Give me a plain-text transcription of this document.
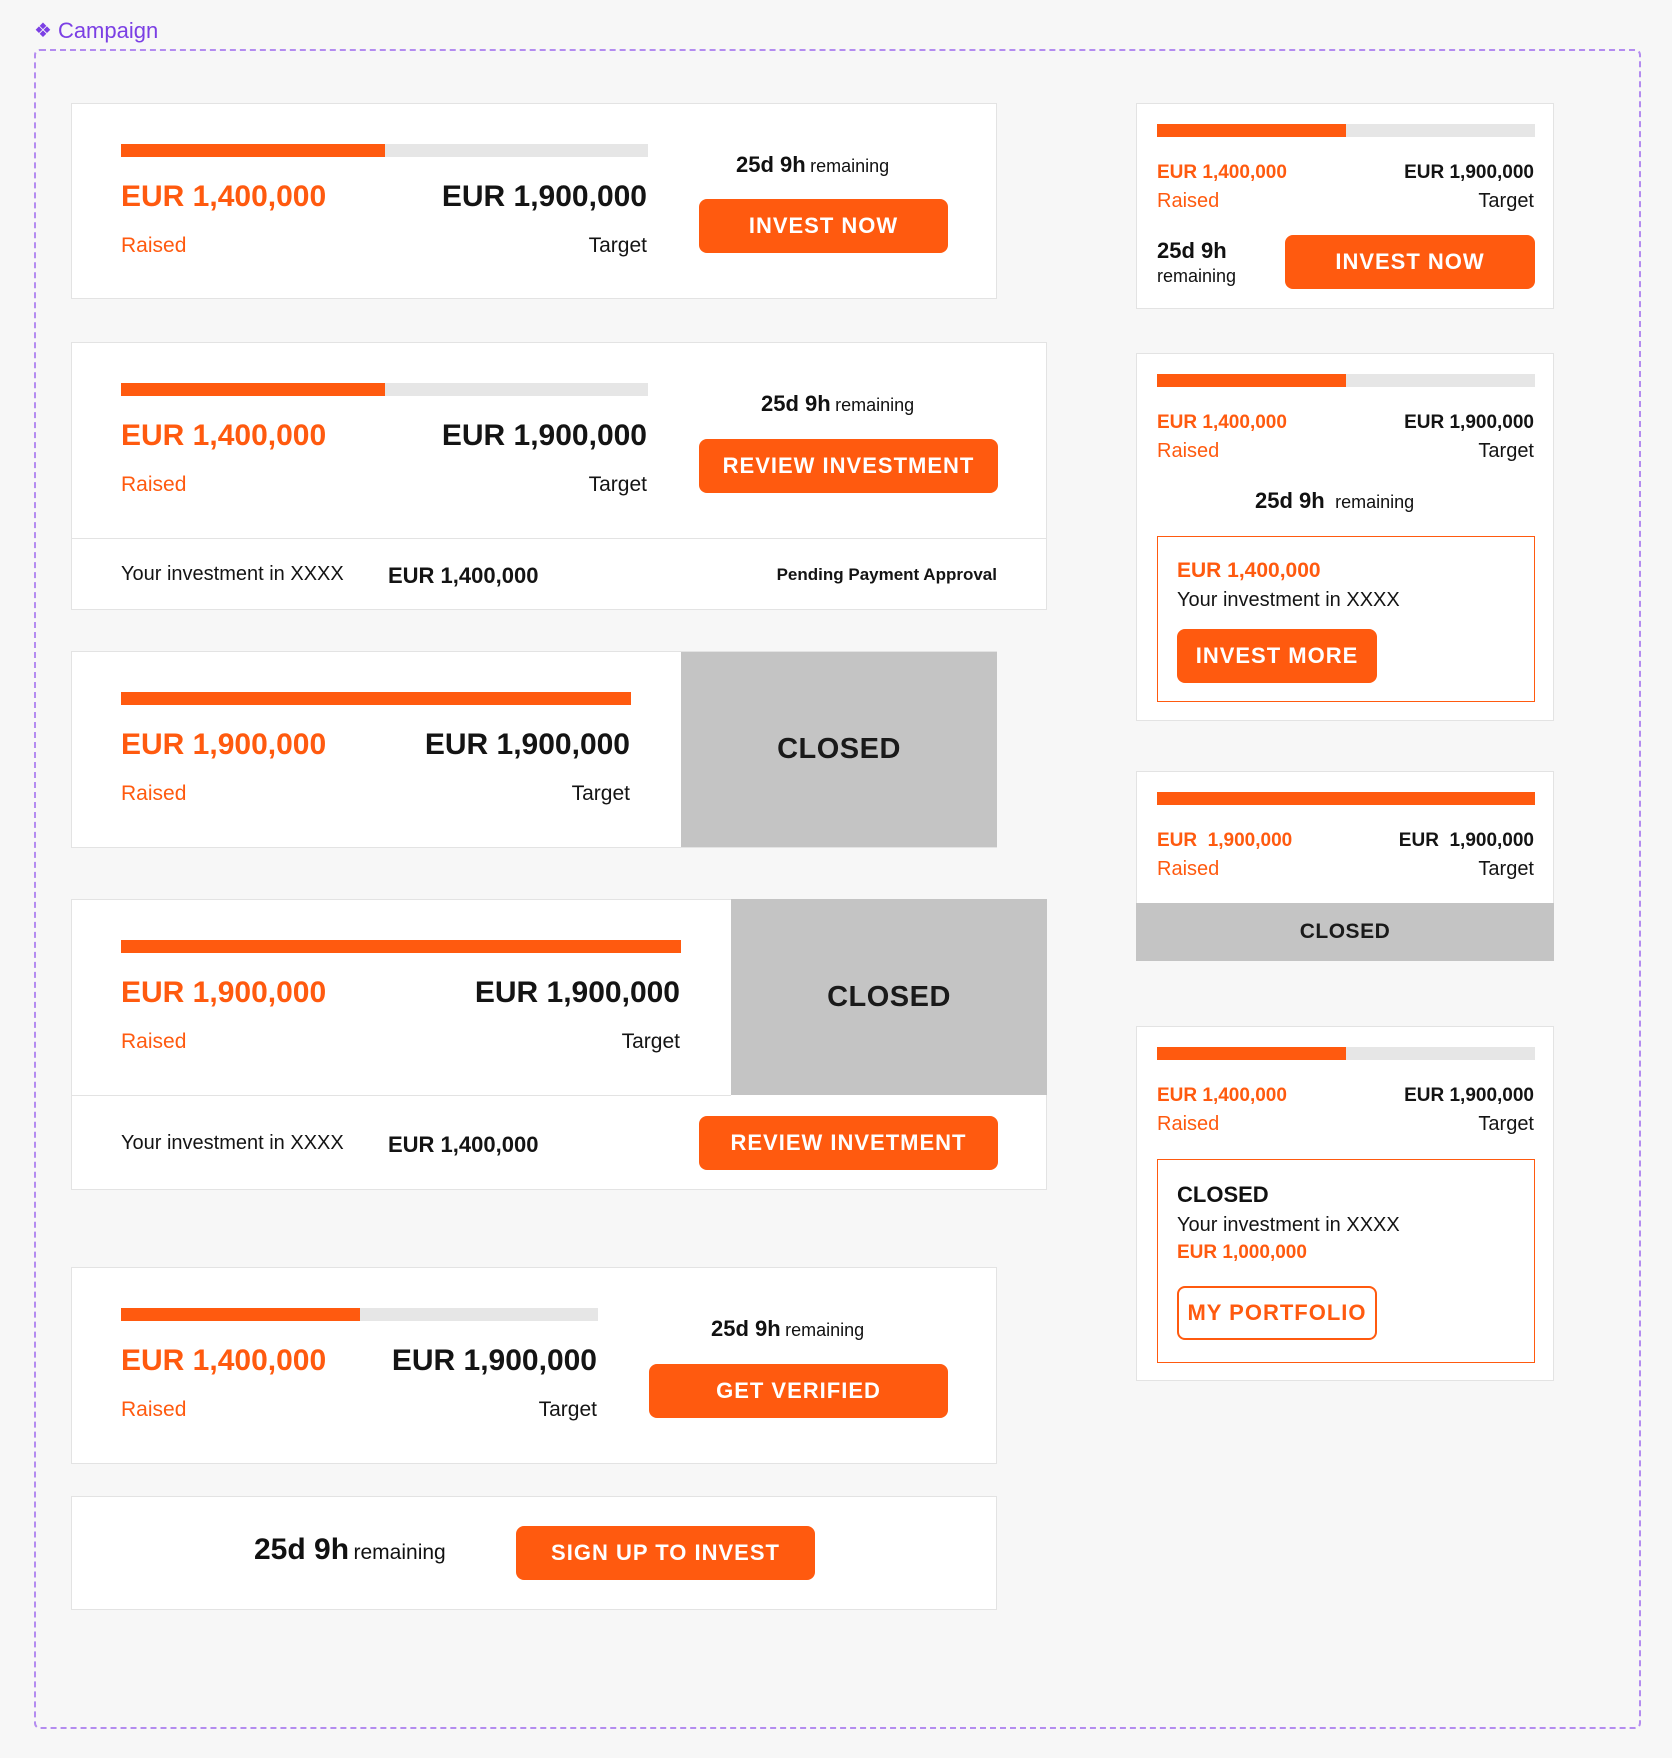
❖ Campaign
EUR 1,400,000
Raised
EUR 1,900,000
Target
25d 9h remaining
INVEST NOW
EUR 1,400,000
Raised
EUR 1,900,000
Target
25d 9h remaining
REVIEW INVESTMENT
Your investment in XXXX EUR 1,400,000	Pending Payment Approval
EUR 1,900,000
Raised
EUR 1,900,000
Target
CLOSED
EUR 1,900,000
Raised
EUR 1,900,000
Target
CLOSED
Your investment in XXXX EUR 1,400,000	REVIEW INVETMENT
EUR 1,400,000
Raised
EUR 1,900,000
Target
25d 9h remaining
GET VERIFIED
25d 9h remaining	SIGN UP TO INVEST
EUR 1,400,000
Raised
EUR 1,900,000
Target
25d 9h
remaining
INVEST NOW
EUR 1,400,000
Raised
EUR 1,900,000
Target
25d 9h remaining
EUR 1,400,000
Your investment in XXXX
INVEST MORE
EUR  1,900,000
Raised
EUR  1,900,000
Target
CLOSED
EUR 1,400,000
Raised
EUR 1,900,000
Target
CLOSED
Your investment in XXXX
EUR 1,000,000
MY PORTFOLIO
